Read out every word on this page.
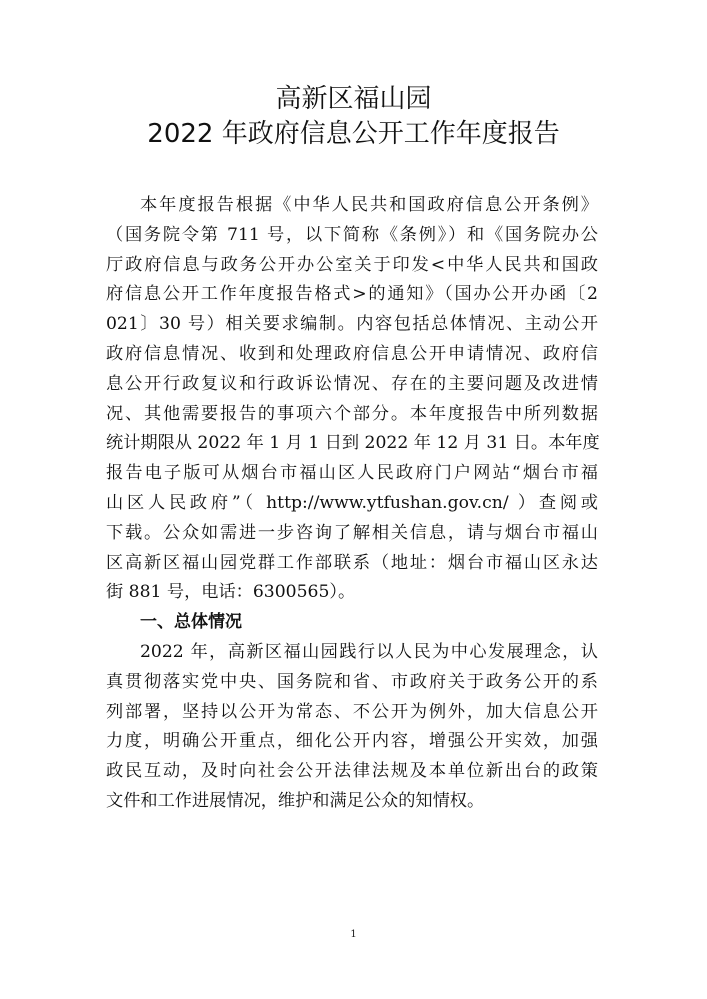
高新区福山园
2022 年政府信息公开工作年度报告
本年度报告根据《中华人民共和国政府信息公开条例》
（国务院令第 711 号，以下简称《条例》）和《国务院办公
厅政府信息与政务公开办公室关于印发<中华人民共和国政
府信息公开工作年度报告格式>的通知》（国办公开办函〔2
021〕30 号）相关要求编制。内容包括总体情况、主动公开
政府信息情况、收到和处理政府信息公开申请情况、政府信
息公开行政复议和行政诉讼情况、存在的主要问题及改进情
况、其他需要报告的事项六个部分。本年度报告中所列数据
统计期限从 2022 年 1 月 1 日到 2022 年 12 月 31 日。本年度
报告电子版可从烟台市福山区人民政府门户网站“烟台市福
山区人民政府”（ http://www.ytfushan.gov.cn/ ）查阅或
下载。公众如需进一步咨询了解相关信息，请与烟台市福山
区高新区福山园党群工作部联系（地址：烟台市福山区永达
街 881 号，电话：6300565）。
一、总体情况
2022 年，高新区福山园践行以人民为中心发展理念，认
真贯彻落实党中央、国务院和省、市政府关于政务公开的系
列部署，坚持以公开为常态、不公开为例外，加大信息公开
力度，明确公开重点，细化公开内容，增强公开实效，加强
政民互动，及时向社会公开法律法规及本单位新出台的政策
文件和工作进展情况，维护和满足公众的知情权。
1
